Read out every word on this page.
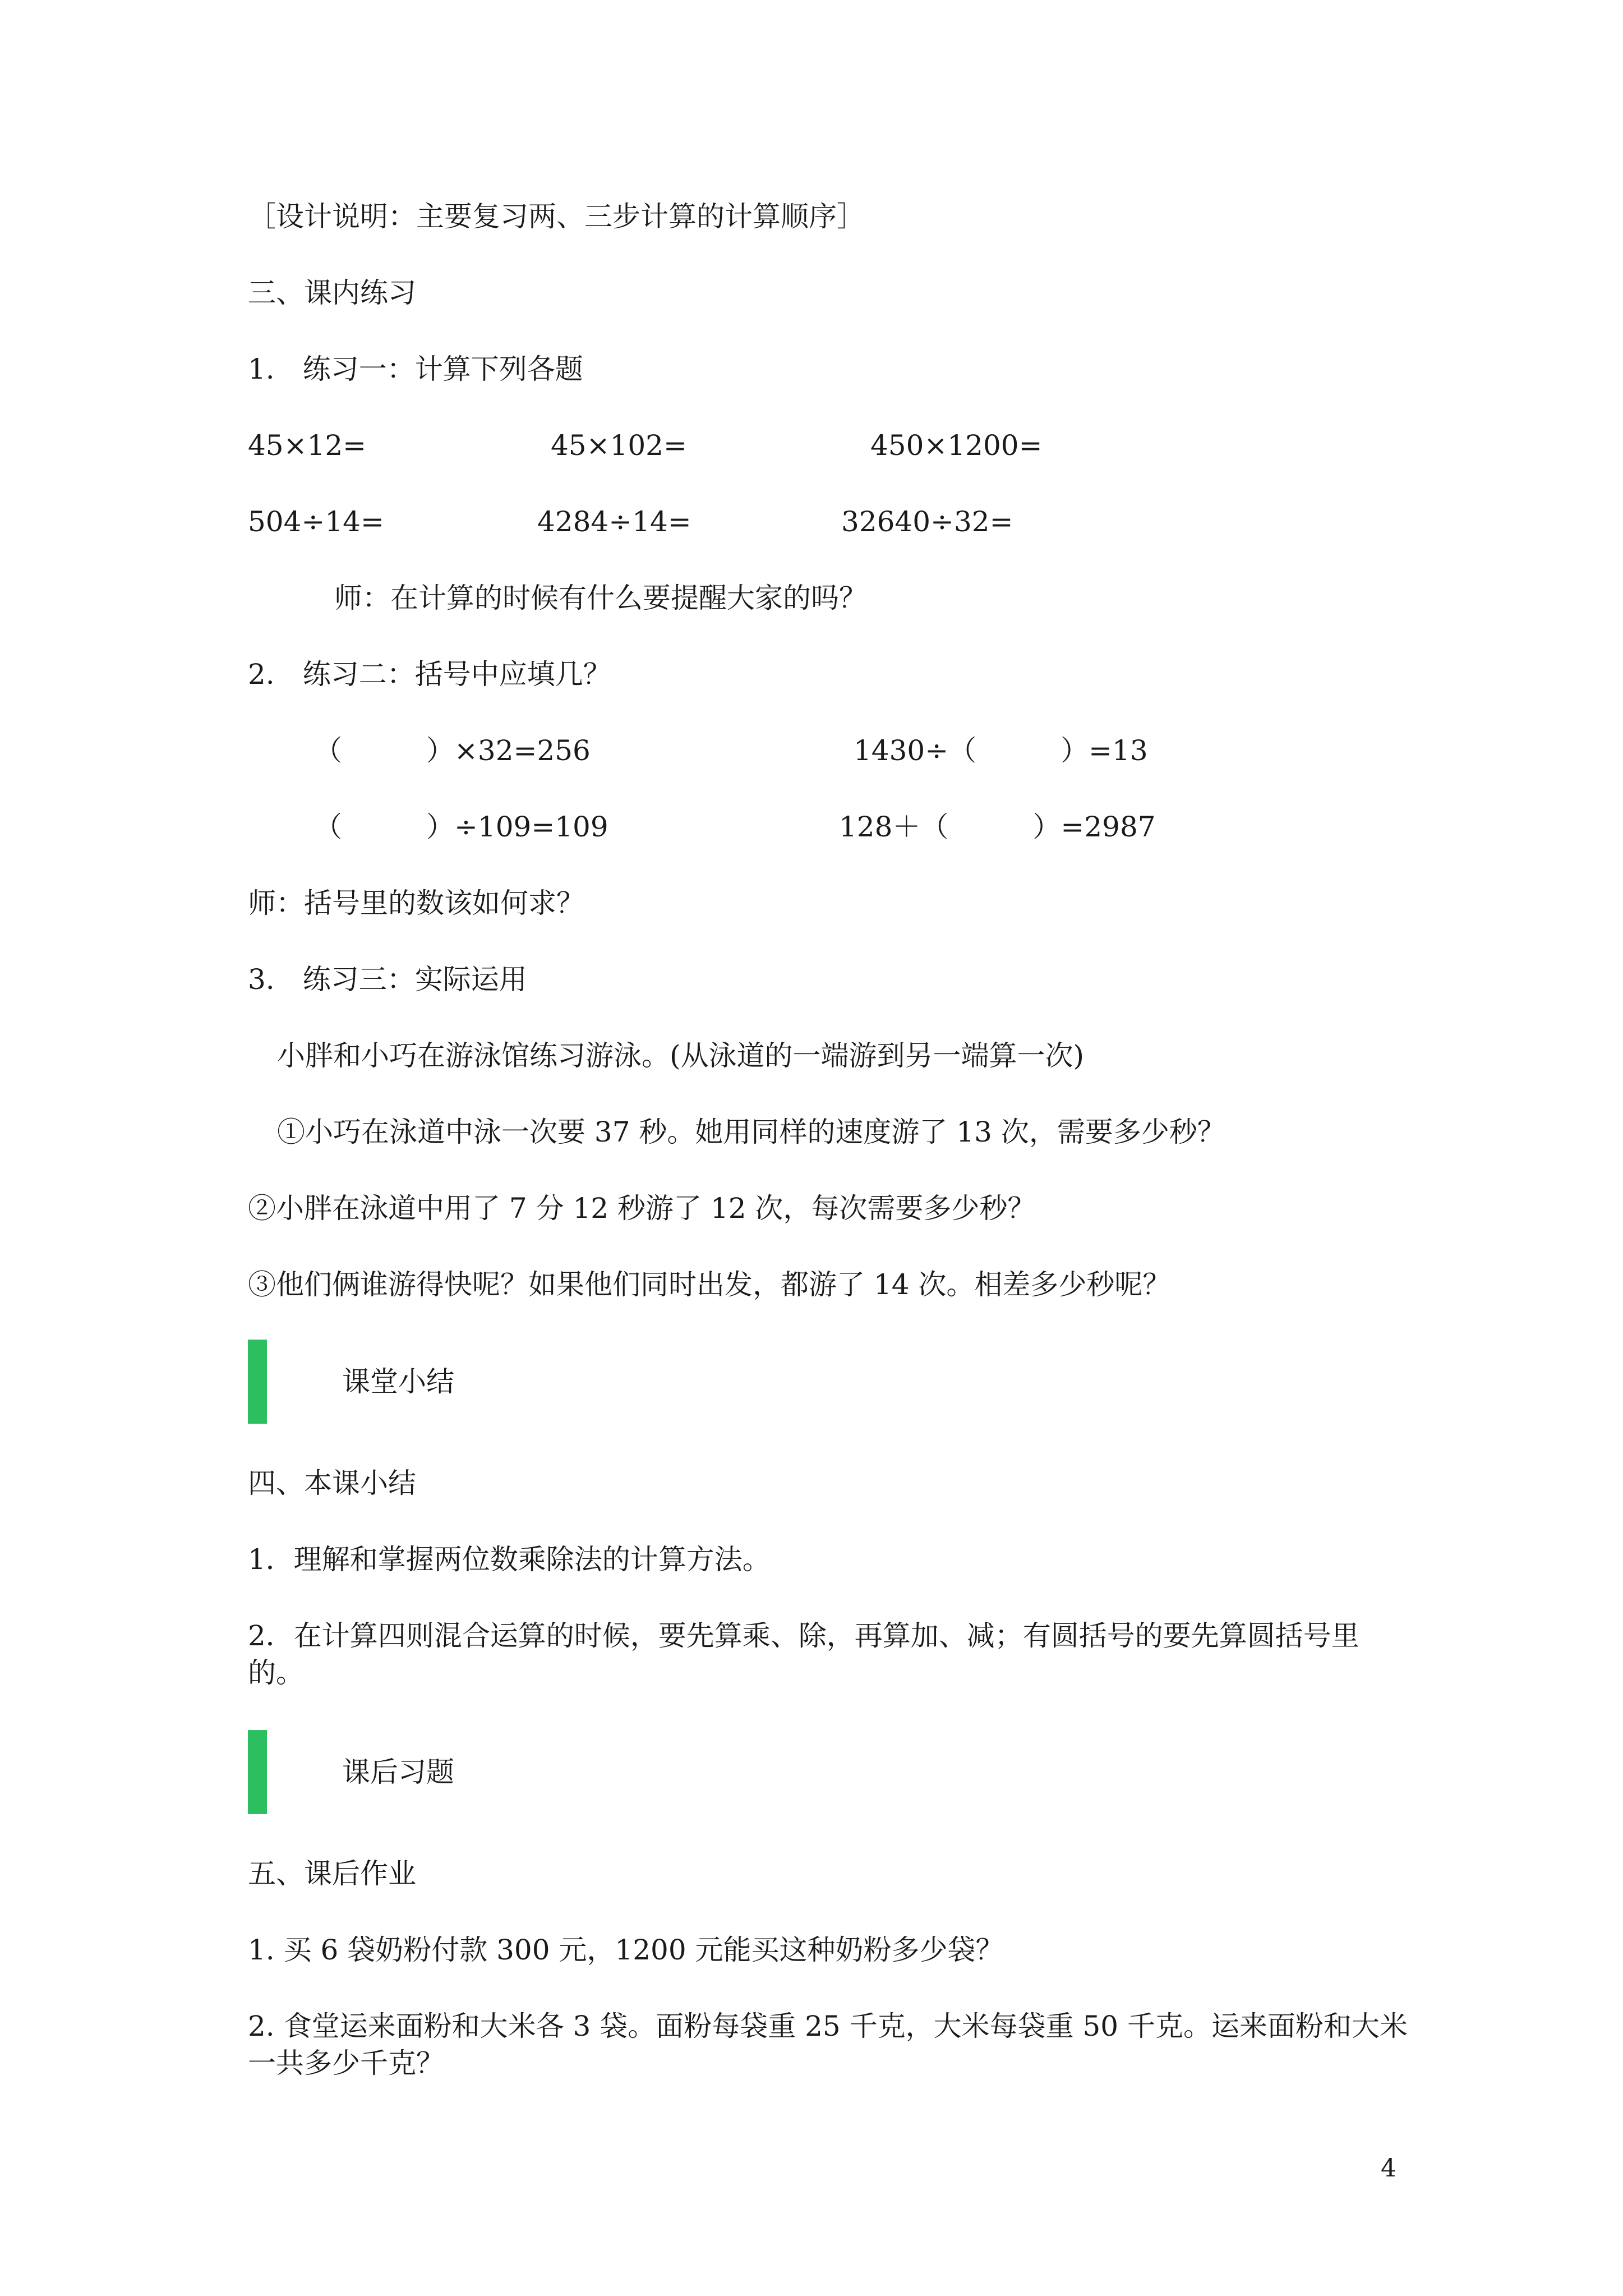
［设计说明：主要复习两、三步计算的计算顺序］
三、课内练习
1.　练习一：计算下列各题
45×12=	45×102=	450×1200=
504÷14=	4284÷14=	32640÷32=
师：在计算的时候有什么要提醒大家的吗？
2.　练习二：括号中应填几？
（　　　）×32=256	1430÷（　　　）=13
（　　　）÷109=109	128＋（　　　）=2987
师：括号里的数该如何求？
3.　练习三：实际运用
小胖和小巧在游泳馆练习游泳。(从泳道的一端游到另一端算一次)
①小巧在泳道中泳一次要 37 秒。她用同样的速度游了 13 次，需要多少秒？
②小胖在泳道中用了 7 分 12 秒游了 12 次，每次需要多少秒？
③他们俩谁游得快呢？如果他们同时出发，都游了 14 次。相差多少秒呢？
课堂小结
四、本课小结
1．理解和掌握两位数乘除法的计算方法。
2．在计算四则混合运算的时候，要先算乘、除，再算加、减；有圆括号的要先算圆括号里
的。
课后习题
五、课后作业
1. 买 6 袋奶粉付款 300 元，1200 元能买这种奶粉多少袋？
2. 食堂运来面粉和大米各 3 袋。面粉每袋重 25 千克，大米每袋重 50 千克。运来面粉和大米
一共多少千克？
4
